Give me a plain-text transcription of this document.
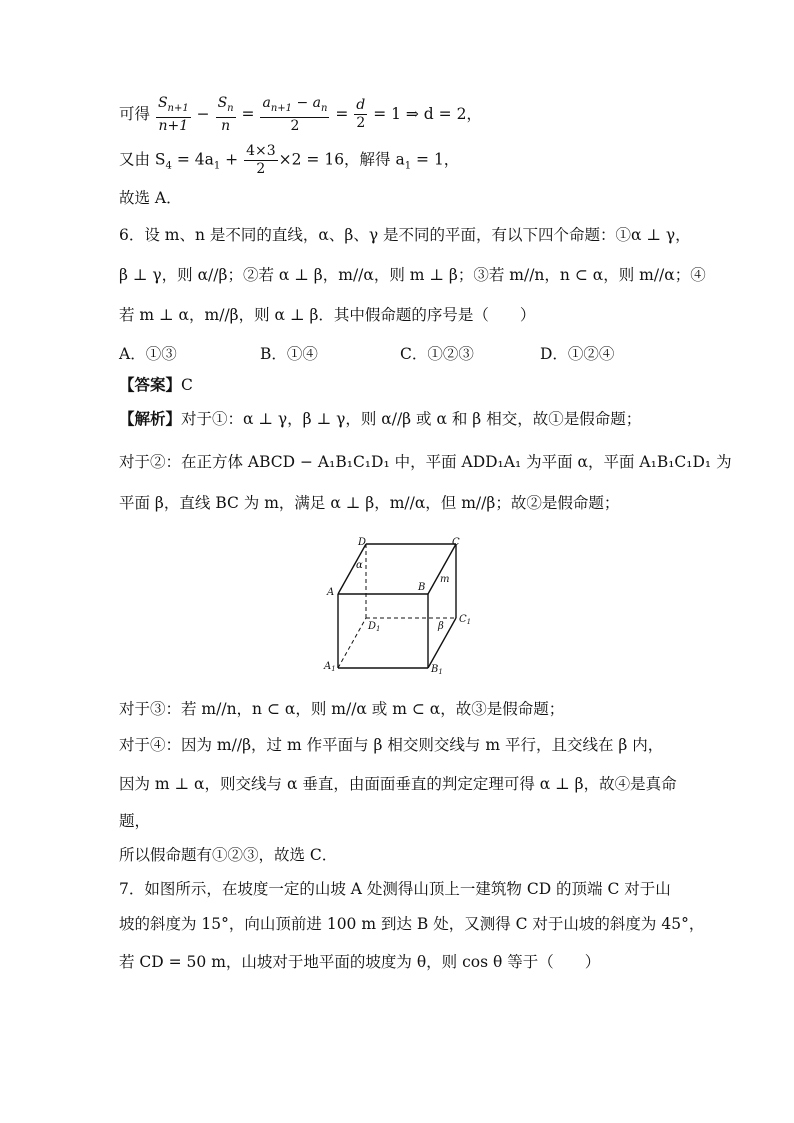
可得 $\frac{S_{n+1}}{n+1} - \frac{S_n}{n} = \frac{a_{n+1} - a_n}{2} = \frac{d}{2} = 1$ ⇒ d = 2，
又由 $S_4 = 4a_1 + \frac{4\times 3}{2} \times 2 = 16$，解得 $a_1 = 1$，
故选 A．
6．设 m、n 是不同的直线，α、β、γ 是不同的平面，有以下四个命题：①α ⊥ γ，
β ⊥ γ，则 α//β；②若 α ⊥ β，m//α，则 m ⊥ β；③若 m//n，n ⊂ α，则 m//α；④
若 m ⊥ α，m//β，则 α ⊥ β．其中假命题的序号是（　　）
A．①③	B．①④	C．①②③	D．①②④
【答案】C
【解析】对于①：α ⊥ γ，β ⊥ γ，则 α//β 或 α 和 β 相交，故①是假命题；
对于②：在正方体 ABCD − A₁B₁C₁D₁ 中，平面 ADD₁A₁ 为平面 α，平面 A₁B₁C₁D₁ 为
平面 β，直线 BC 为 m，满足 α ⊥ β，m//α，但 m//β；故②是假命题；
D	C
A	B
$D_1$
$C_1$
$A_1$	$B_1$
α
β
m
对于③：若 m//n，n ⊂ α，则 m//α 或 m ⊂ α，故③是假命题；
对于④：因为 m//β，过 m 作平面与 β 相交则交线与 m 平行，且交线在 β 内，
因为 m ⊥ α，则交线与 α 垂直，由面面垂直的判定定理可得 α ⊥ β，故④是真命
题，
所以假命题有①②③，故选 C．
7．如图所示，在坡度一定的山坡 A 处测得山顶上一建筑物 CD 的顶端 C 对于山
坡的斜度为 15°，向山顶前进 100 m 到达 B 处，又测得 C 对于山坡的斜度为 45°，
若 CD = 50 m，山坡对于地平面的坡度为 θ，则 cos θ 等于（　　）
